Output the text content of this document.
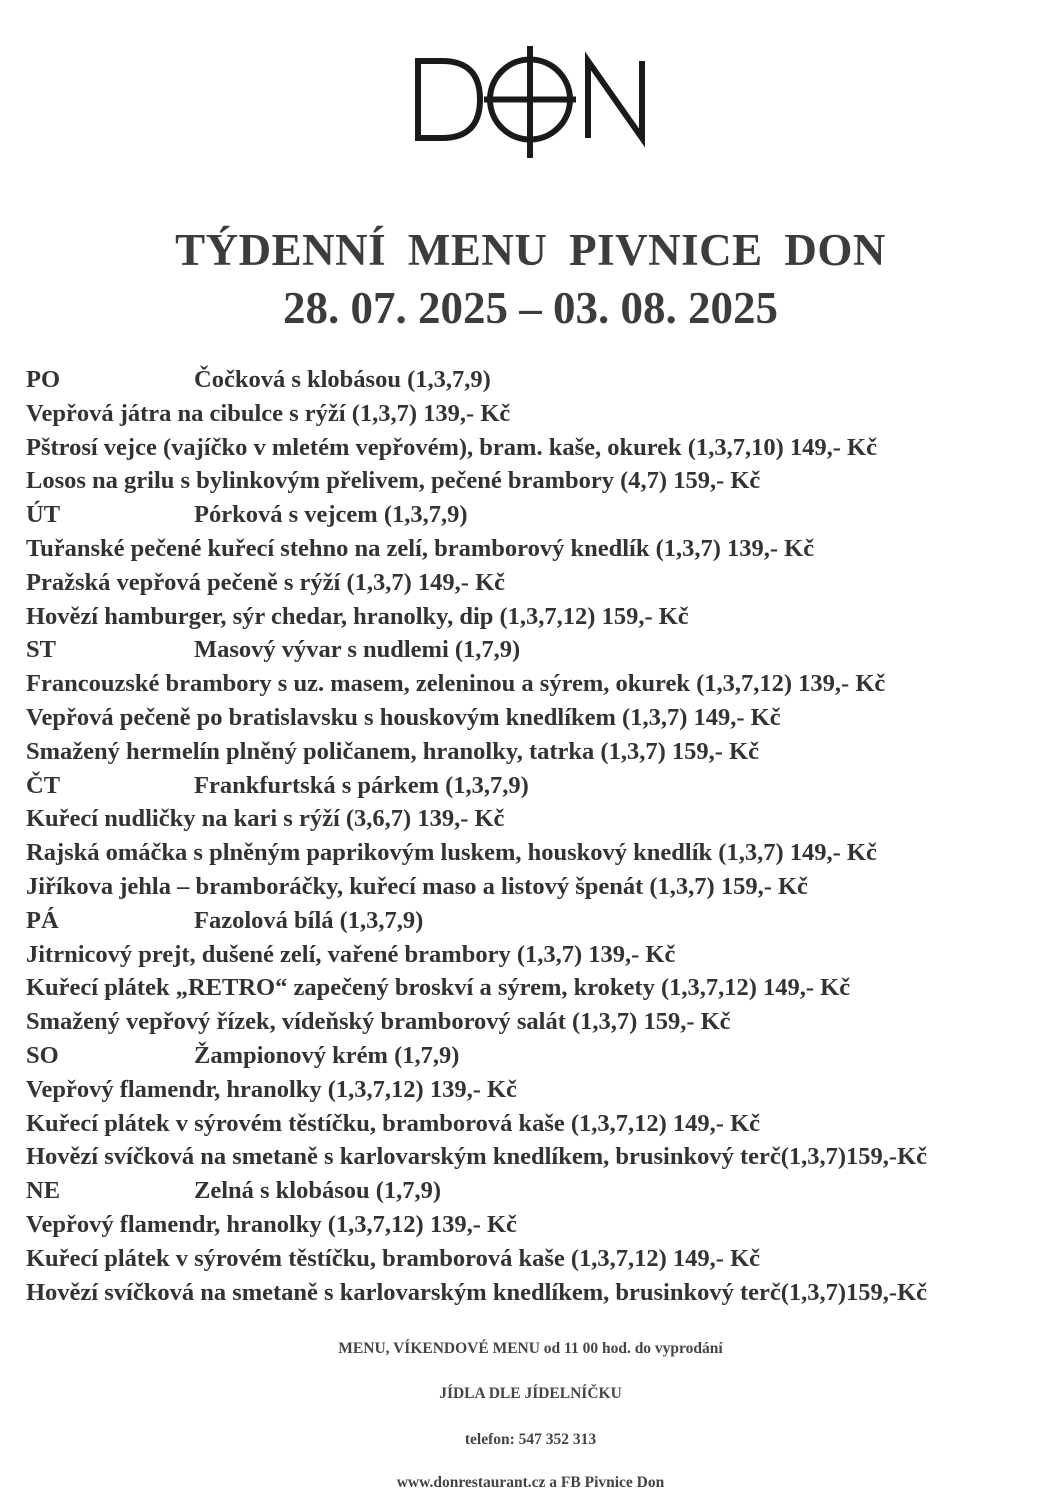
TÝDENNÍ MENU PIVNICE DON
28. 07. 2025 – 03. 08. 2025
PO	Čočková s klobásou (1,3,7,9)
Vepřová játra na cibulce s rýží (1,3,7) 139,- Kč
Pštrosí vejce (vajíčko v mletém vepřovém), bram. kaše, okurek (1,3,7,10) 149,- Kč
Losos na grilu s bylinkovým přelivem, pečené brambory (4,7) 159,- Kč
ÚT	Pórková s vejcem (1,3,7,9)
Tuřanské pečené kuřecí stehno na zelí, bramborový knedlík (1,3,7) 139,- Kč
Pražská vepřová pečeně s rýží (1,3,7) 149,- Kč
Hovězí hamburger, sýr chedar, hranolky, dip (1,3,7,12) 159,- Kč
ST	Masový vývar s nudlemi (1,7,9)
Francouzské brambory s uz. masem, zeleninou a sýrem, okurek (1,3,7,12) 139,- Kč
Vepřová pečeně po bratislavsku s houskovým knedlíkem (1,3,7) 149,- Kč
Smažený hermelín plněný poličanem, hranolky, tatrka (1,3,7) 159,- Kč
ČT	Frankfurtská s párkem (1,3,7,9)
Kuřecí nudličky na kari s rýží (3,6,7) 139,- Kč
Rajská omáčka s plněným paprikovým luskem, houskový knedlík (1,3,7) 149,- Kč
Jiříkova jehla – bramboráčky, kuřecí maso a listový špenát (1,3,7) 159,- Kč
PÁ	Fazolová bílá (1,3,7,9)
Jitrnicový prejt, dušené zelí, vařené brambory (1,3,7) 139,- Kč
Kuřecí plátek „RETRO“ zapečený broskví a sýrem, krokety (1,3,7,12) 149,- Kč
Smažený vepřový řízek, vídeňský bramborový salát (1,3,7) 159,- Kč
SO	Žampionový krém (1,7,9)
Vepřový flamendr, hranolky (1,3,7,12) 139,- Kč
Kuřecí plátek v sýrovém těstíčku, bramborová kaše (1,3,7,12) 149,- Kč
Hovězí svíčková na smetaně s karlovarským knedlíkem, brusinkový terč(1,3,7)159,-Kč
NE	Zelná s klobásou (1,7,9)
Vepřový flamendr, hranolky (1,3,7,12) 139,- Kč
Kuřecí plátek v sýrovém těstíčku, bramborová kaše (1,3,7,12) 149,- Kč
Hovězí svíčková na smetaně s karlovarským knedlíkem, brusinkový terč(1,3,7)159,-Kč
MENU, VÍKENDOVÉ MENU od 11 00 hod. do vyprodání
JÍDLA DLE JÍDELNÍČKU
telefon: 547 352 313
www.donrestaurant.cz a FB Pivnice Don
